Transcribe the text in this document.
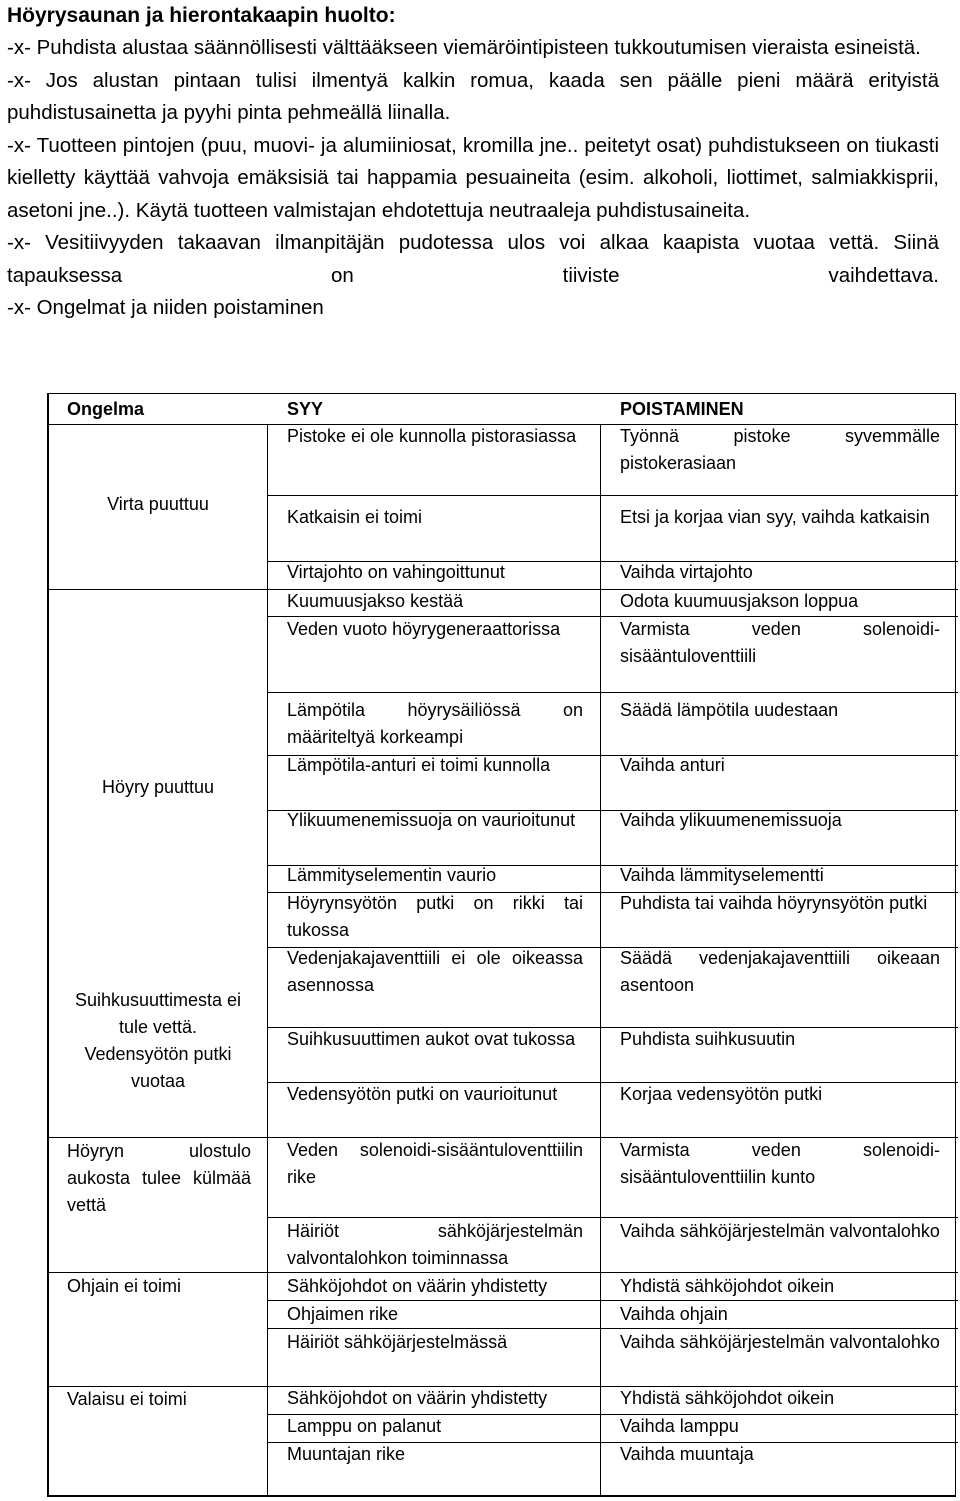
Höyrysaunan ja hierontakaapin huolto:

-x- Puhdista alustaa säännöllisesti välttääkseen viemäröintipisteen tukkoutumisen vieraista esineistä.

-x- Jos alustan pintaan tulisi ilmentyä kalkin romua, kaada sen päälle pieni määrä erityistä puhdistusainetta ja pyyhi pinta pehmeällä liinalla.

-x- Tuotteen pintojen (puu, muovi- ja alumiiniosat, kromilla jne.. peitetyt osat) puhdistukseen on tiukasti kielletty käyttää vahvoja emäksisiä tai happamia pesuaineita (esim. alkoholi, liottimet, salmiakkisprii, asetoni jne..). Käytä tuotteen valmistajan ehdotettuja neutraaleja puhdistusaineita.

-x- Vesitiivyyden takaavan ilmanpitäjän pudotessa ulos voi alkaa kaapista vuotaa vettä. Siinä tapauksessa on tiiviste vaihdettava.

-x- Ongelmat ja niiden poistaminen

Ongelma	SYY	POISTAMINEN
Virta puuttuu
Höyry puuttuu
Suihkusuuttimesta ei tule vettä. Vedensyötön putki vuotaa
Höyryn ulostulo aukosta tulee külmää vettä
Ohjain ei toimi
Valaisu ei toimi
Pistoke ei ole kunnolla pistorasiassa
Katkaisin ei toimi
Virtajohto on vahingoittunut
Kuumuusjakso kestää
Veden vuoto höyrygeneraattorissa
Lämpötila höyrysäiliössä on määriteltyä korkeampi
Lämpötila-anturi ei toimi kunnolla
Ylikuumenemissuoja on vaurioitunut
Lämmityselementin vaurio
Höyrynsyötön putki on rikki tai tukossa
Vedenjakajaventtiili ei ole oikeassa asennossa
Suihkusuuttimen aukot ovat tukossa
Vedensyötön putki on vaurioitunut
Veden solenoidi-sisääntuloventtiilin rike
Häiriöt sähköjärjestelmän valvontalohkon toiminnassa
Sähköjohdot on väärin yhdistetty
Ohjaimen rike
Häiriöt sähköjärjestelmässä
Sähköjohdot on väärin yhdistetty
Lamppu on palanut
Muuntajan rike
Työnnä pistoke syvemmälle pistokerasiaan
Etsi ja korjaa vian syy, vaihda katkaisin
Vaihda virtajohto
Odota kuumuusjakson loppua
Varmista veden solenoidi-sisääntuloventtiili
Säädä lämpötila uudestaan
Vaihda anturi
Vaihda ylikuumenemissuoja
Vaihda lämmityselementti
Puhdista tai vaihda höyrynsyötön putki
Säädä vedenjakajaventtiili oikeaan asentoon
Puhdista suihkusuutin
Korjaa vedensyötön putki
Varmista veden solenoidi-sisääntuloventtiilin kunto
Vaihda sähköjärjestelmän valvontalohko
Yhdistä sähköjohdot oikein
Vaihda ohjain
Vaihda sähköjärjestelmän valvontalohko
Yhdistä sähköjohdot oikein
Vaihda lamppu
Vaihda muuntaja
